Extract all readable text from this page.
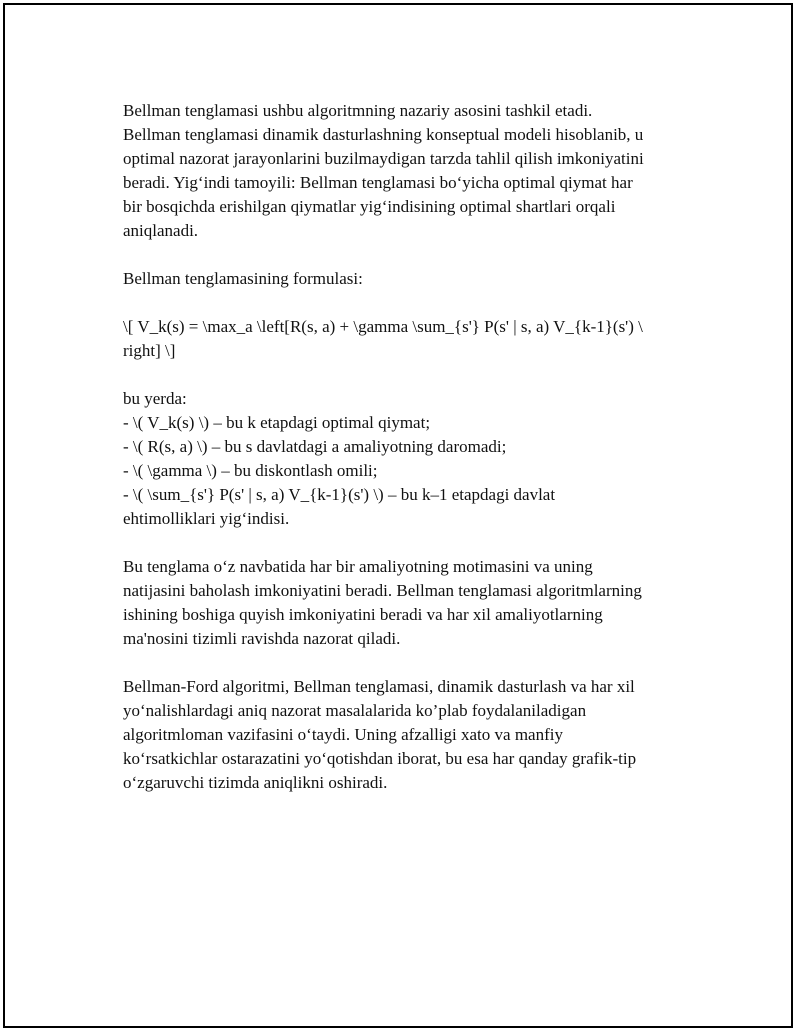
Bellman tenglamasi ushbu algoritmning nazariy asosini tashkil etadi.
Bellman tenglamasi dinamik dasturlashning konseptual modeli hisoblanib, u
optimal nazorat jarayonlarini buzilmaydigan tarzda tahlil qilish imkoniyatini
beradi. Yig‘indi tamoyili: Bellman tenglamasi bo‘yicha optimal qiymat har
bir bosqichda erishilgan qiymatlar yig‘indisining optimal shartlari orqali
aniqlanadi.
Bellman tenglamasining formulasi:
\[ V_k(s) = \max_a \left[R(s, a) + \gamma \sum_{s'} P(s' | s, a) V_{k-1}(s') \
right] \]
bu yerda:
- \( V_k(s) \) – bu k etapdagi optimal qiymat;
- \( R(s, a) \) – bu s davlatdagi a amaliyotning daromadi;
- \( \gamma \) – bu diskontlash omili;
- \( \sum_{s'} P(s' | s, a) V_{k-1}(s') \) – bu k–1 etapdagi davlat
ehtimolliklari yig‘indisi.
Bu tenglama o‘z navbatida har bir amaliyotning motimasini va uning
natijasini baholash imkoniyatini beradi. Bellman tenglamasi algoritmlarning
ishining boshiga quyish imkoniyatini beradi va har xil amaliyotlarning
ma'nosini tizimli ravishda nazorat qiladi.
Bellman-Ford algoritmi, Bellman tenglamasi, dinamik dasturlash va har xil
yo‘nalishlardagi aniq nazorat masalalarida ko’plab foydalaniladigan
algoritmloman vazifasini o‘taydi. Uning afzalligi xato va manfiy
ko‘rsatkichlar ostarazatini yo‘qotishdan iborat, bu esa har qanday grafik-tip
o‘zgaruvchi tizimda aniqlikni oshiradi.
